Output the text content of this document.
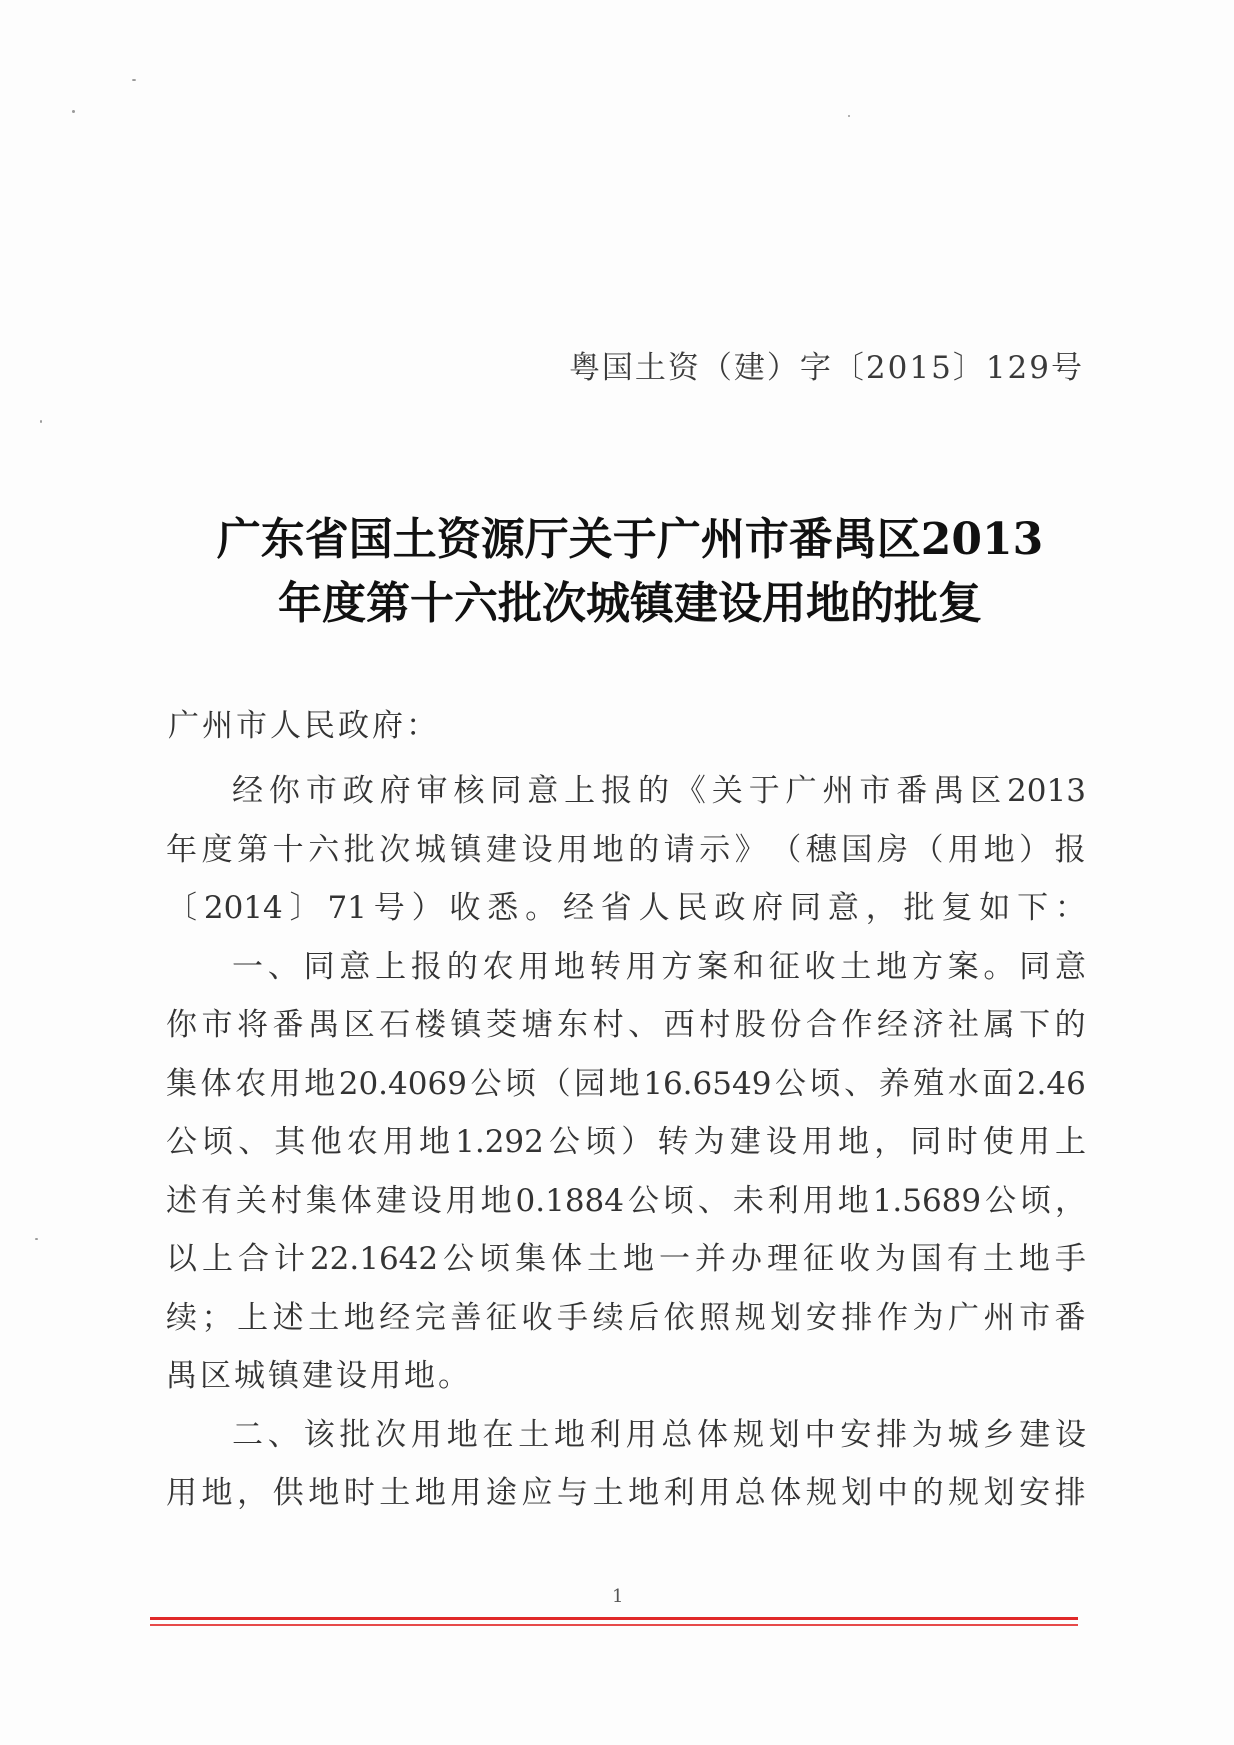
粤国土资（建）字〔2015〕129号
广东省国土资源厅关于广州市番禺区2013
年度第十六批次城镇建设用地的批复
广州市人民政府：
经 你 市 政 府 审 核 同 意 上 报 的 《 关 于 广 州 市 番 禺 区 2013
年 度 第 十 六 批 次 城 镇 建 设 用 地 的 请 示 》 （ 穗 国 房 （ 用 地 ） 报
〔 2014 〕 71 号 ） 收 悉 。 经 省 人 民 政 府 同 意 ， 批 复 如 下 ：
一 、 同 意 上 报 的 农 用 地 转 用 方 案 和 征 收 土 地 方 案 。 同 意
你 市 将 番 禺 区 石 楼 镇 茭 塘 东 村 、 西 村 股 份 合 作 经 济 社 属 下 的
集 体 农 用 地 20.4069 公 顷 （ 园 地 16.6549 公 顷 、 养 殖 水 面 2.46
公 顷 、 其 他 农 用 地 1.292 公 顷 ） 转 为 建 设 用 地 ， 同 时 使 用 上
述 有 关 村 集 体 建 设 用 地 0.1884 公 顷 、 未 利 用 地 1.5689 公 顷 ，
以 上 合 计 22.1642 公 顷 集 体 土 地 一 并 办 理 征 收 为 国 有 土 地 手
续 ； 上 述 土 地 经 完 善 征 收 手 续 后 依 照 规 划 安 排 作 为 广 州 市 番
禺区城镇建设用地。
二 、 该 批 次 用 地 在 土 地 利 用 总 体 规 划 中 安 排 为 城 乡 建 设
用 地 ， 供 地 时 土 地 用 途 应 与 土 地 利 用 总 体 规 划 中 的 规 划 安 排
1
